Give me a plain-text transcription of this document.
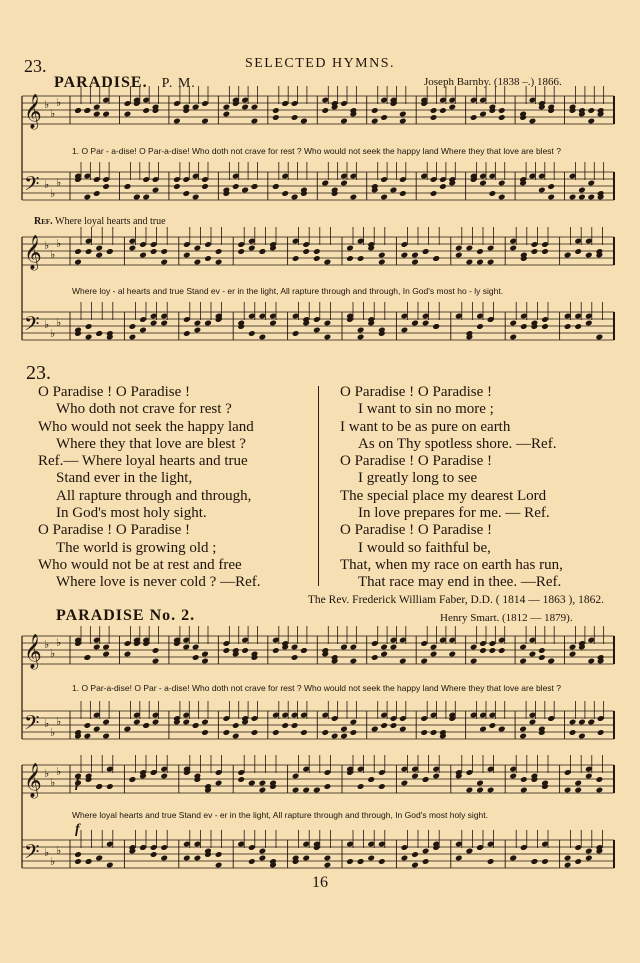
SELECTED HYMNS.
23.
PARADISE. P. M.	Joseph Barnby. (1838 –.) 1866.
𝄞
𝄢
♭
♭
♭
♭
♭
♭
𝄞
𝄢
♭
♭
♭
♭
♭
♭
𝄞
𝄢
♭
♭
♭
♭
♭
♭
𝄞
𝄢
♭
♭
♭
♭
♭
♭
1. O Par - a-dise! O Par-a-dise! Who doth not crave for rest ? Who would not seek the happy land Where they that love are blest ?
Ref. Where loyal hearts and true
Where loy - al hearts and true Stand ev - er in the light, All rapture through and through, In God's most ho - ly sight.
23.
O Paradise ! O Paradise !
Who doth not crave for rest ?
Who would not seek the happy land
Where they that love are blest ?
Ref.— Where loyal hearts and true
Stand ever in the light,
All rapture through and through,
In God's most holy sight.
O Paradise ! O Paradise !
The world is growing old ;
Who would not be at rest and free
Where love is never cold ? —Ref.
O Paradise ! O Paradise !
I want to sin no more ;
I want to be as pure on earth
As on Thy spotless shore. —Ref.
O Paradise ! O Paradise !
I greatly long to see
The special place my dearest Lord
In love prepares for me. — Ref.
O Paradise ! O Paradise !
I would so faithful be,
That, when my race on earth has run,
That race may end in thee. —Ref.
The Rev. Frederick William Faber, D.D. ( 1814 — 1863 ), 1862.
PARADISE No. 2.	Henry Smart. (1812 — 1879).
1. O Par-a-dise! O Par - a-dise! Who doth not crave for rest ? Who would not seek the happy land Where they that love are blest ?
Where loyal hearts and true Stand ev - er in the light, All rapture through and through, In God's most holy sight.
f
f
16
